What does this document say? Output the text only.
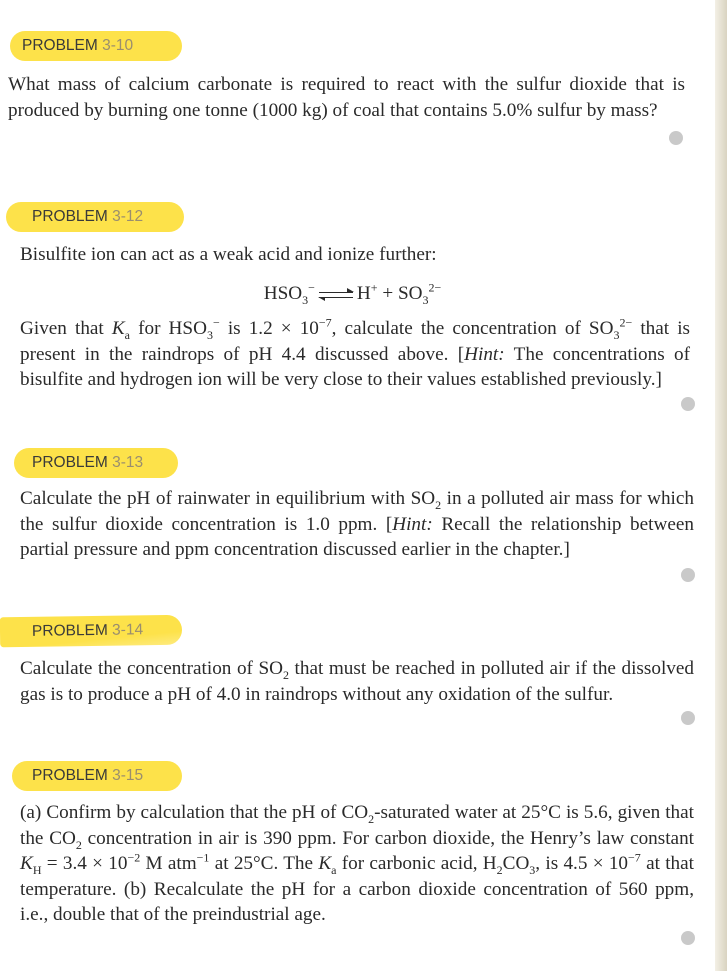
PROBLEM 3-10
What mass of calcium carbonate is required to react with the sulfur dioxide that is produced by burning one tonne (1000 kg) of coal that contains 5.0% sulfur by mass?
PROBLEM 3-12
Bisulfite ion can act as a weak acid and ionize further:
$HSO_3^-$ $H^+ + SO_3^{2-}$
Given that $K_a$ for $HSO_3^-$ is $1.2 \times 10^{-7}$, calculate the concentration of $SO_3^{2-}$ that is present in the raindrops of pH 4.4 discussed above. [Hint: The concentrations of bisulfite and hydrogen ion will be very close to their values established previously.]
PROBLEM 3-13
Calculate the pH of rainwater in equilibrium with $SO_2$ in a polluted air mass for which the sulfur dioxide concentration is 1.0 ppm. [Hint: Recall the relationship between partial pressure and ppm concentration discussed earlier in the chapter.]
PROBLEM 3-14
Calculate the concentration of $SO_2$ that must be reached in polluted air if the dissolved gas is to produce a pH of 4.0 in raindrops without any oxidation of the sulfur.
PROBLEM 3-15
(a) Confirm by calculation that the pH of $CO_2$-saturated water at 25°C is 5.6, given that the $CO_2$ concentration in air is 390 ppm. For carbon dioxide, the Henry’s law constant $K_H = 3.4 \times 10^{-2}$ M atm$^{-1}$ at 25°C. The $K_a$ for carbonic acid, $H_2CO_3$, is $4.5 \times 10^{-7}$ at that temperature. (b) Recalculate the pH for a carbon dioxide concentration of 560 ppm, i.e., double that of the preindustrial age.
